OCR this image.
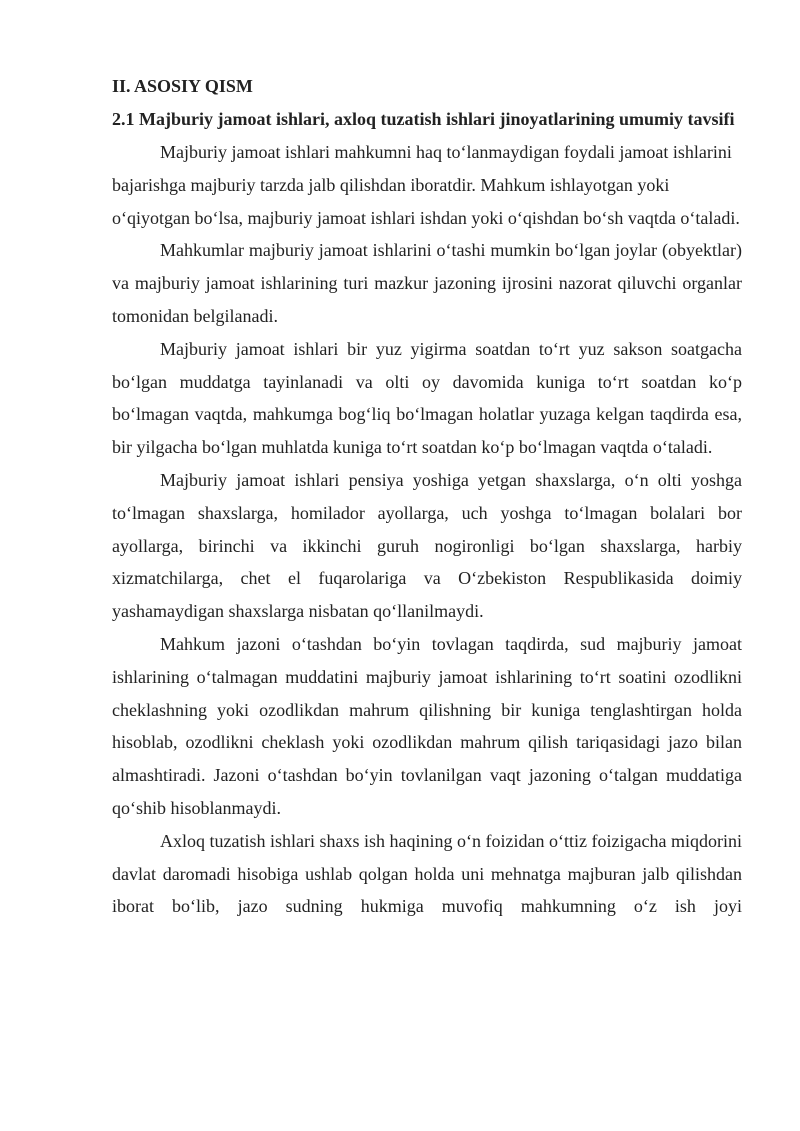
II. ASOSIY QISM

2.1 Majburiy jamoat ishlari, axloq tuzatish ishlari jinoyatlarining umumiy tavsifi

Majburiy jamoat ishlari mahkumni haq to‘lanmaydigan foydali jamoat ishlarini bajarishga majburiy tarzda jalb qilishdan iboratdir. Mahkum ishlayotgan yoki o‘qiyotgan bo‘lsa, majburiy jamoat ishlari ishdan yoki o‘qishdan bo‘sh vaqtda o‘taladi.

Mahkumlar majburiy jamoat ishlarini o‘tashi mumkin bo‘lgan joylar (obyektlar) va majburiy jamoat ishlarining turi mazkur jazoning ijrosini nazorat qiluvchi organlar tomonidan belgilanadi.

Majburiy jamoat ishlari bir yuz yigirma soatdan to‘rt yuz sakson soatgacha bo‘lgan muddatga tayinlanadi va olti oy davomida kuniga to‘rt soatdan ko‘p bo‘lmagan vaqtda, mahkumga bog‘liq bo‘lmagan holatlar yuzaga kelgan taqdirda esa, bir yilgacha bo‘lgan muhlatda kuniga to‘rt soatdan ko‘p bo‘lmagan vaqtda o‘taladi.

Majburiy jamoat ishlari pensiya yoshiga yetgan shaxslarga, o‘n olti yoshga to‘lmagan shaxslarga, homilador ayollarga, uch yoshga to‘lmagan bolalari bor ayollarga, birinchi va ikkinchi guruh nogironligi bo‘lgan shaxslarga, harbiy xizmatchilarga, chet el fuqarolariga va O‘zbekiston Respublikasida doimiy yashamaydigan shaxslarga nisbatan qo‘llanilmaydi.

Mahkum jazoni o‘tashdan bo‘yin tovlagan taqdirda, sud majburiy jamoat ishlarining o‘talmagan muddatini majburiy jamoat ishlarining to‘rt soatini ozodlikni cheklashning yoki ozodlikdan mahrum qilishning bir kuniga tenglashtirgan holda hisoblab, ozodlikni cheklash yoki ozodlikdan mahrum qilish tariqasidagi jazo bilan almashtiradi. Jazoni o‘tashdan bo‘yin tovlanilgan vaqt jazoning o‘talgan muddatiga qo‘shib hisoblanmaydi.

Axloq tuzatish ishlari shaxs ish haqining o‘n foizidan o‘ttiz foizigacha miqdorini davlat daromadi hisobiga ushlab qolgan holda uni mehnatga majburan jalb qilishdan iborat bo‘lib, jazo sudning hukmiga muvofiq mahkumning o‘z ish joyi
